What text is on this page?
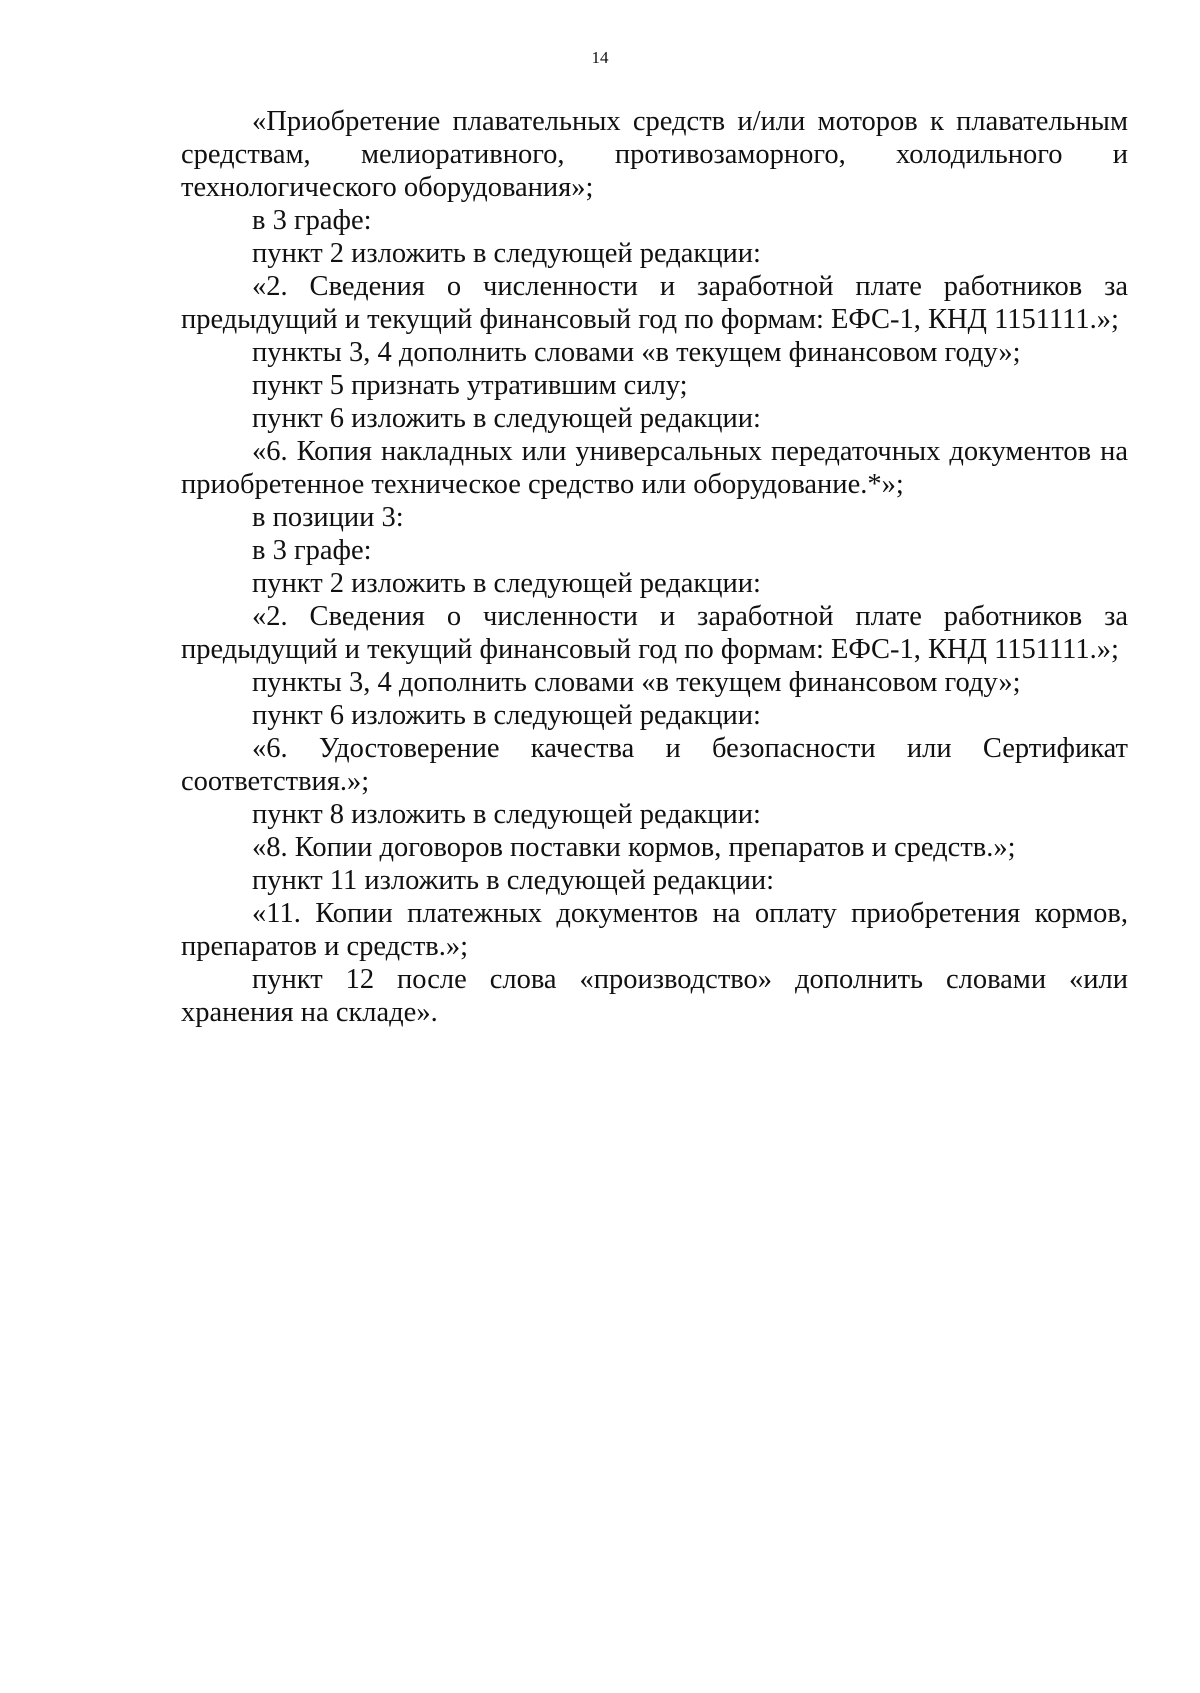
14

«Приобретение плавательных средств и/или моторов к плавательным средствам, мелиоративного, противозаморного, холодильного и технологического оборудования»;

в 3 графе:

пункт 2 изложить в следующей редакции:

«2. Сведения о численности и заработной плате работников за предыдущий и текущий финансовый год по формам: ЕФС-1, КНД 1151111.»;

пункты 3, 4 дополнить словами «в текущем финансовом году»;

пункт 5 признать утратившим силу;

пункт 6 изложить в следующей редакции:

«6. Копия накладных или универсальных передаточных документов на приобретенное техническое средство или оборудование.*»;

в позиции 3:

в 3 графе:

пункт 2 изложить в следующей редакции:

«2. Сведения о численности и заработной плате работников за предыдущий и текущий финансовый год по формам: ЕФС-1, КНД 1151111.»;

пункты 3, 4 дополнить словами «в текущем финансовом году»;

пункт 6 изложить в следующей редакции:

«6. Удостоверение качества и безопасности или Сертификат соответствия.»;

пункт 8 изложить в следующей редакции:

«8. Копии договоров поставки кормов, препаратов и средств.»;

пункт 11 изложить в следующей редакции:

«11. Копии платежных документов на оплату приобретения кормов, препаратов и средств.»;

пункт 12 после слова «производство» дополнить словами «или хранения на складе».
